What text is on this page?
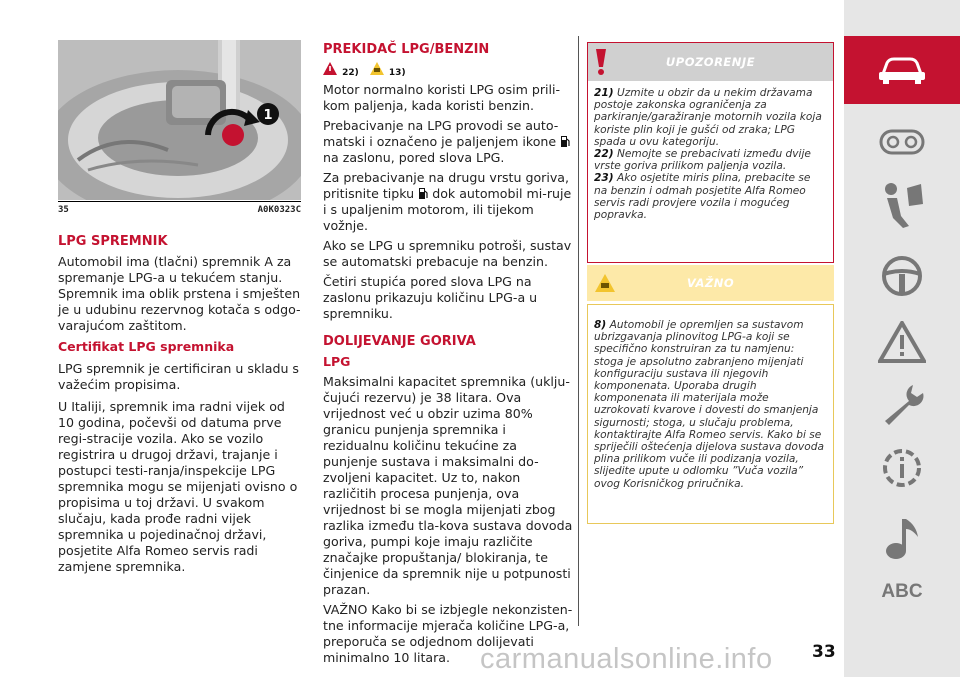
1
35	A0K0323C
LPG SPREMNIK

Automobil ima (tlačni) spremnik A za spremanje LPG-a u tekućem stanju. Spremnik ima oblik prstena i smješten je u udubinu rezervnog kotača s odgo-varajućom zaštitom.

Certifikat LPG spremnika

LPG spremnik je certificiran u skladu s važećim propisima.

U Italiji, spremnik ima radni vijek od 10 godina, počevši od datuma prve regi-stracije vozila. Ako se vozilo registrira u drugoj državi, trajanje i postupci testi-ranja/inspekcije LPG spremnika mogu se mijenjati ovisno o propisima u toj državi. U svakom slučaju, kada prođe radni vijek spremnika u pojedinačnoj državi, posjetite Alfa Romeo servis radi zamjene spremnika.

PREKIDAČ LPG/BENZIN
22)	13)

Motor normalno koristi LPG osim prili-kom paljenja, kada koristi benzin.

Prebacivanje na LPG provodi se auto-matski i označeno je paljenjem ikone  na zaslonu, pored slova LPG.

Za prebacivanje na drugu vrstu goriva, pritisnite tipku dok automobil mi-ruje i s upaljenim motorom, ili tijekom vožnje.

Ako se LPG u spremniku potroši, sustav se automatski prebacuje na benzin.

Četiri stupića pored slova LPG na zaslonu prikazuju količinu LPG-a u spremniku.

DOLIJEVANJE GORIVA
LPG

Maksimalni kapacitet spremnika (uklju-čujući rezervu) je 38 litara. Ova vrijednost već u obzir uzima 80% granicu punjenja spremnika i rezidualnu količinu tekućine za punjenje sustava i maksimalni do-zvoljeni kapacitet. Uz to, nakon različitih procesa punjenja, ova vrijednost bi se mogla mijenjati zbog razlika između tla-kova sustava dovoda goriva, pumpi koje imaju različite značajke propuštanja/ blokiranja, te činjenice da spremnik nije u potpunosti prazan.

VAŽNO Kako bi se izbjegle nekonzisten-tne informacije mjerača količine LPG-a, preporuča se odjednom dolijevati minimalno 10 litara.

UPOZORENJE

21) Uzmite u obzir da u nekim državama postoje zakonska ograničenja za parkiranje/garažiranje motornih vozila koja koriste plin koji je gušći od zraka; LPG spada u ovu kategoriju.

22) Nemojte se prebacivati između dvije vrste goriva prilikom paljenja vozila.

23) Ako osjetite miris plina, prebacite se na benzin i odmah posjetite Alfa Romeo servis radi provjere vozila i mogućeg popravka.

VAŽNO

8) Automobil je opremljen sa sustavom ubrizgavanja plinovitog LPG-a koji se specifično konstruiran za tu namjenu: stoga je apsolutno zabranjeno mijenjati konfiguraciju sustava ili njegovih komponenata. Uporaba drugih komponenata ili materijala može uzrokovati kvarove i dovesti do smanjenja sigurnosti; stoga, u slučaju problema, kontaktirajte Alfa Romeo servis. Kako bi se spriječili oštećenja dijelova sustava dovoda plina prilikom vuče ili podizanja vozila, slijedite upute u odlomku ”Vuča vozila” ovog Korisničkog priručnika.

ABC
carmanualsonline.info 33
